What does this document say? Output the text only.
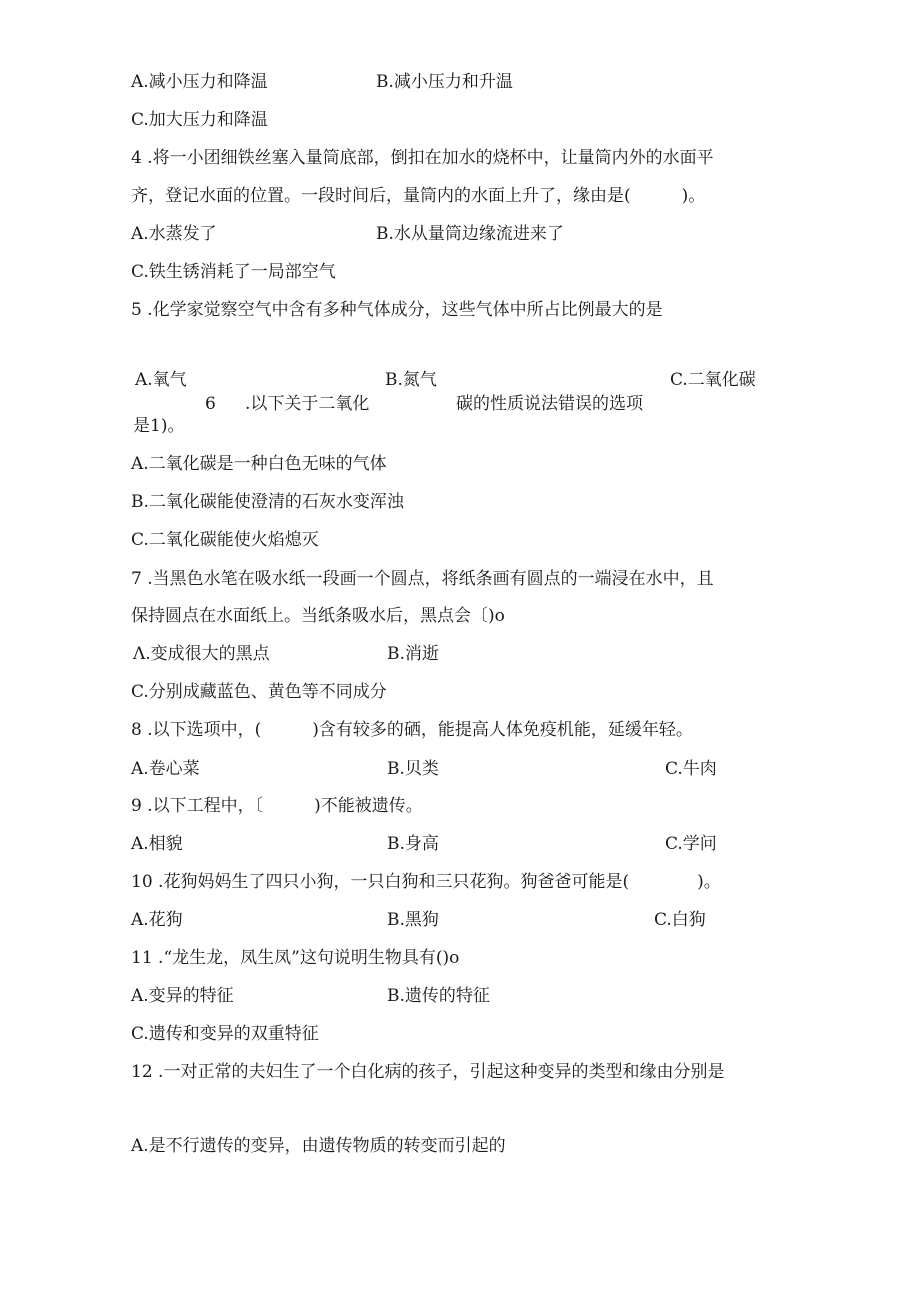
A.减小压力和降温	B.减小压力和升温
C.加大压力和降温
4 .将一小团细铁丝塞入量筒底部，倒扣在加水的烧杯中，让量筒内外的水面平
齐，登记水面的位置。一段时间后，量筒内的水面上升了，缘由是(　　　)。
A.水蒸发了	B.水从量筒边缘流进来了
C.铁生锈消耗了一局部空气
5 .化学家觉察空气中含有多种气体成分，这些气体中所占比例最大的是
A.氧气	B.氮气	C.二氧化碳
6 .以下关于二氧化	碳的性质说法错误的选项
是1)。
A.二氧化碳是一种白色无味的气体
B.二氧化碳能使澄清的石灰水变浑浊
C.二氧化碳能使火焰熄灭
7 .当黑色水笔在吸水纸一段画一个圆点，将纸条画有圆点的一端浸在水中，且
保持圆点在水面纸上。当纸条吸水后，黑点会〔)o
Λ.变成很大的黑点	B.消逝
C.分别成藏蓝色、黄色等不同成分
8 .以下选项中，(　　　)含有较多的硒，能提高人体免疫机能，延缓年轻。
A.卷心菜	B.贝类	C.牛肉
9 .以下工程中，〔　　　)不能被遗传。
A.相貌	B.身高	C.学问
10 .花狗妈妈生了四只小狗，一只白狗和三只花狗。狗爸爸可能是(　　　　)。
A.花狗	B.黑狗	C.白狗
11 .“龙生龙，凤生凤”这句说明生物具有()o
A.变异的特征	B.遗传的特征
C.遗传和变异的双重特征
12 .一对正常的夫妇生了一个白化病的孩子，引起这种变异的类型和缘由分别是
A.是不行遗传的变异，由遗传物质的转变而引起的
